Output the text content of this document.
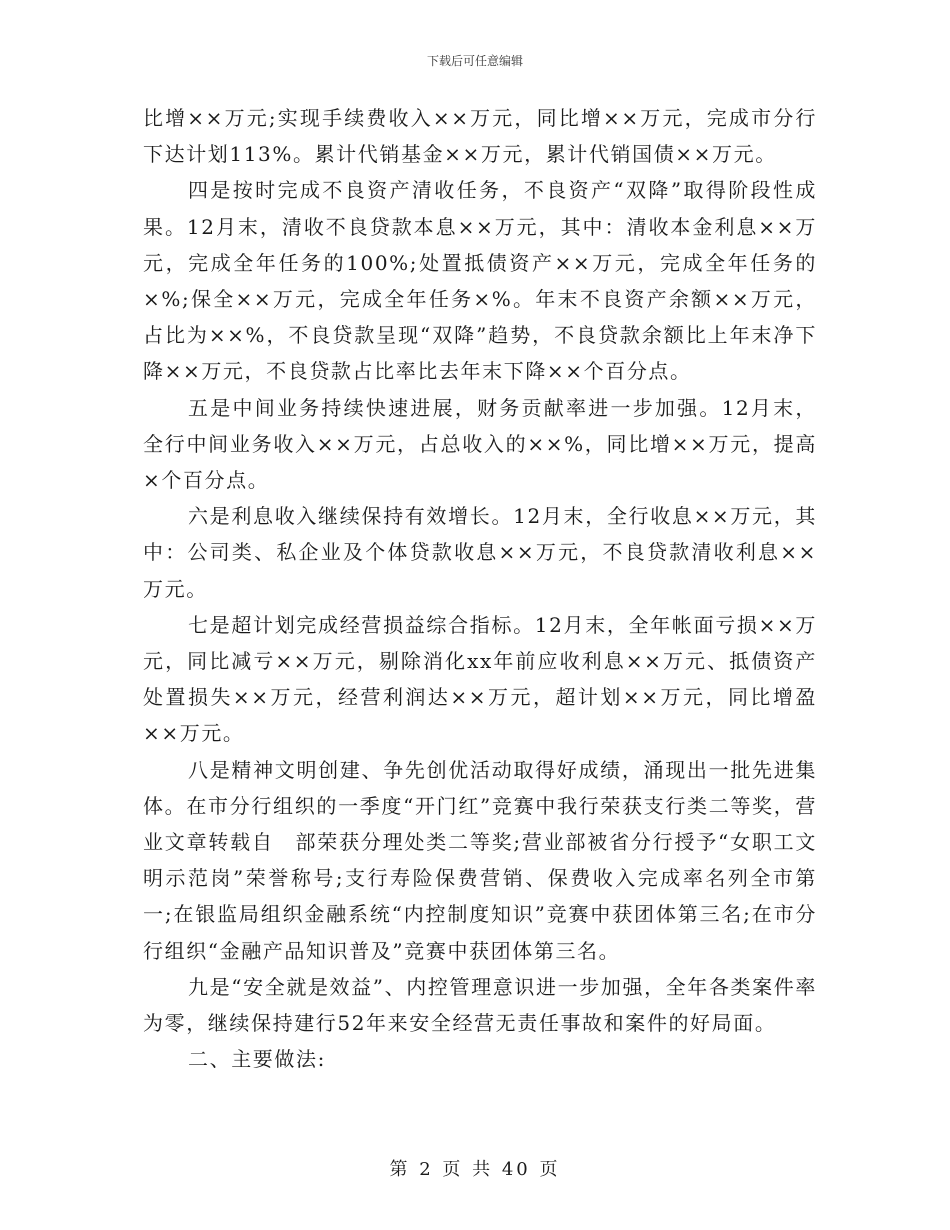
下载后可任意编辑

比增××万元;实现手续费收入××万元，同比增××万元，完成市分行下达计划113%。累计代销基金××万元，累计代销国债××万元。

四是按时完成不良资产清收任务，不良资产“双降”取得阶段性成果。12月末，清收不良贷款本息××万元，其中：清收本金利息××万元，完成全年任务的100%;处置抵债资产××万元，完成全年任务的×%;保全××万元，完成全年任务×%。年末不良资产余额××万元，占比为××%，不良贷款呈现“双降”趋势，不良贷款余额比上年末净下降××万元，不良贷款占比率比去年末下降××个百分点。

五是中间业务持续快速进展，财务贡献率进一步加强。12月末，全行中间业务收入××万元，占总收入的××%，同比增××万元，提高×个百分点。

六是利息收入继续保持有效增长。12月末，全行收息××万元，其中：公司类、私企业及个体贷款收息××万元，不良贷款清收利息××万元。

七是超计划完成经营损益综合指标。12月末，全年帐面亏损××万元，同比减亏××万元，剔除消化xx年前应收利息××万元、抵债资产处置损失××万元，经营利润达××万元，超计划××万元，同比增盈××万元。

八是精神文明创建、争先创优活动取得好成绩，涌现出一批先进集体。在市分行组织的一季度“开门红”竞赛中我行荣获支行类二等奖，营业文章转载自　部荣获分理处类二等奖;营业部被省分行授予“女职工文明示范岗”荣誉称号;支行寿险保费营销、保费收入完成率名列全市第一;在银监局组织金融系统“内控制度知识”竞赛中获团体第三名;在市分行组织“金融产品知识普及”竞赛中获团体第三名。

九是“安全就是效益”、内控管理意识进一步加强，全年各类案件率为零，继续保持建行52年来安全经营无责任事故和案件的好局面。

二、主要做法:

第 2 页 共 40 页
